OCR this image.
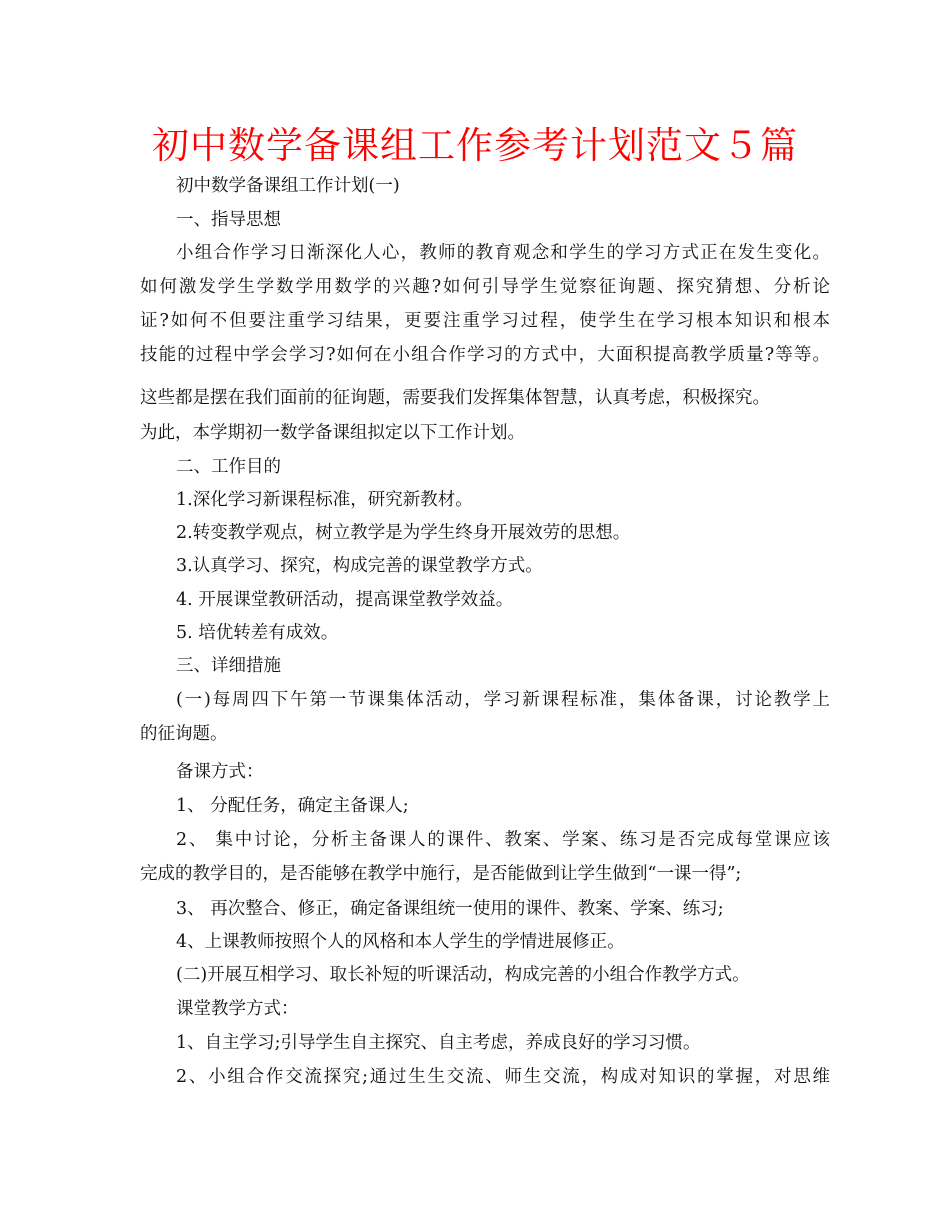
初中数学备课组工作参考计划范文５篇

初中数学备课组工作计划(一)

一、指导思想

小组合作学习日渐深化人心，教师的教育观念和学生的学习方式正在发生变化。

如何激发学生学数学用数学的兴趣?如何引导学生觉察征询题、探究猜想、分析论

证?如何不但要注重学习结果，更要注重学习过程，使学生在学习根本知识和根本

技能的过程中学会学习?如何在小组合作学习的方式中，大面积提高教学质量?等等。

这些都是摆在我们面前的征询题，需要我们发挥集体智慧，认真考虑，积极探究。

为此，本学期初一数学备课组拟定以下工作计划。

二、工作目的

1.深化学习新课程标准，研究新教材。

2.转变教学观点，树立教学是为学生终身开展效劳的思想。

3.认真学习、探究，构成完善的课堂教学方式。

4. 开展课堂教研活动，提高课堂教学效益。

5. 培优转差有成效。

三、详细措施

(一)每周四下午第一节课集体活动，学习新课程标准，集体备课，讨论教学上

的征询题。

备课方式：

1、 分配任务，确定主备课人;

2、 集中讨论，分析主备课人的课件、教案、学案、练习是否完成每堂课应该

完成的教学目的，是否能够在教学中施行，是否能做到让学生做到“一课一得”;

3、 再次整合、修正，确定备课组统一使用的课件、教案、学案、练习;

4、上课教师按照个人的风格和本人学生的学情进展修正。

(二)开展互相学习、取长补短的听课活动，构成完善的小组合作教学方式。

课堂教学方式：

1、自主学习;引导学生自主探究、自主考虑，养成良好的学习习惯。

2、小组合作交流探究;通过生生交流、师生交流，构成对知识的掌握，对思维
